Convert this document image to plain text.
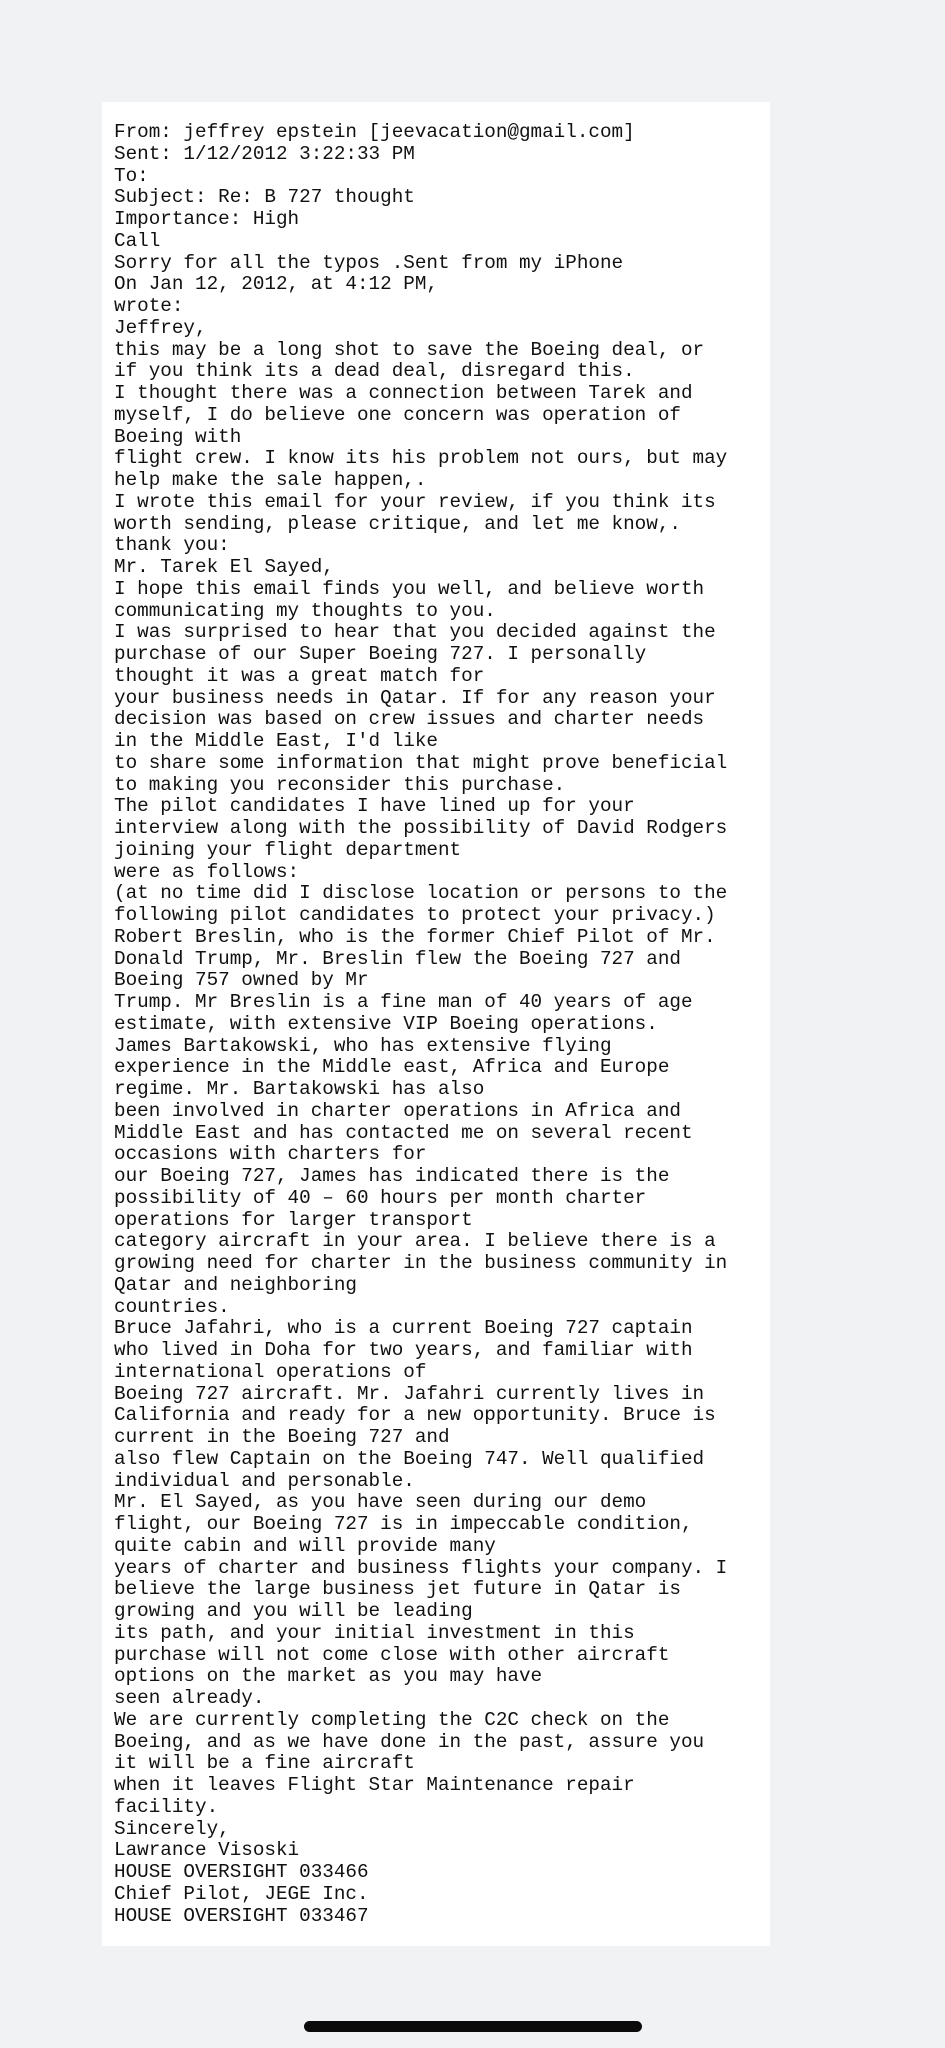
From: jeffrey epstein [jeevacation@gmail.com]
Sent: 1/12/2012 3:22:33 PM
To:
Subject: Re: B 727 thought
Importance: High
Call
Sorry for all the typos .Sent from my iPhone
On Jan 12, 2012, at 4:12 PM,
wrote:
Jeffrey,
this may be a long shot to save the Boeing deal, or
if you think its a dead deal, disregard this.
I thought there was a connection between Tarek and
myself, I do believe one concern was operation of
Boeing with
flight crew. I know its his problem not ours, but may
help make the sale happen,.
I wrote this email for your review, if you think its
worth sending, please critique, and let me know,.
thank you:
Mr. Tarek El Sayed,
I hope this email finds you well, and believe worth
communicating my thoughts to you.
I was surprised to hear that you decided against the
purchase of our Super Boeing 727. I personally
thought it was a great match for
your business needs in Qatar. If for any reason your
decision was based on crew issues and charter needs
in the Middle East, I'd like
to share some information that might prove beneficial
to making you reconsider this purchase.
The pilot candidates I have lined up for your
interview along with the possibility of David Rodgers
joining your flight department
were as follows:
(at no time did I disclose location or persons to the
following pilot candidates to protect your privacy.)
Robert Breslin, who is the former Chief Pilot of Mr.
Donald Trump, Mr. Breslin flew the Boeing 727 and
Boeing 757 owned by Mr
Trump. Mr Breslin is a fine man of 40 years of age
estimate, with extensive VIP Boeing operations.
James Bartakowski, who has extensive flying
experience in the Middle east, Africa and Europe
regime. Mr. Bartakowski has also
been involved in charter operations in Africa and
Middle East and has contacted me on several recent
occasions with charters for
our Boeing 727, James has indicated there is the
possibility of 40 – 60 hours per month charter
operations for larger transport
category aircraft in your area. I believe there is a
growing need for charter in the business community in
Qatar and neighboring
countries.
Bruce Jafahri, who is a current Boeing 727 captain
who lived in Doha for two years, and familiar with
international operations of
Boeing 727 aircraft. Mr. Jafahri currently lives in
California and ready for a new opportunity. Bruce is
current in the Boeing 727 and
also flew Captain on the Boeing 747. Well qualified
individual and personable.
Mr. El Sayed, as you have seen during our demo
flight, our Boeing 727 is in impeccable condition,
quite cabin and will provide many
years of charter and business flights your company. I
believe the large business jet future in Qatar is
growing and you will be leading
its path, and your initial investment in this
purchase will not come close with other aircraft
options on the market as you may have
seen already.
We are currently completing the C2C check on the
Boeing, and as we have done in the past, assure you
it will be a fine aircraft
when it leaves Flight Star Maintenance repair
facility.
Sincerely,
Lawrance Visoski
HOUSE OVERSIGHT 033466
Chief Pilot, JEGE Inc.
HOUSE OVERSIGHT 033467
